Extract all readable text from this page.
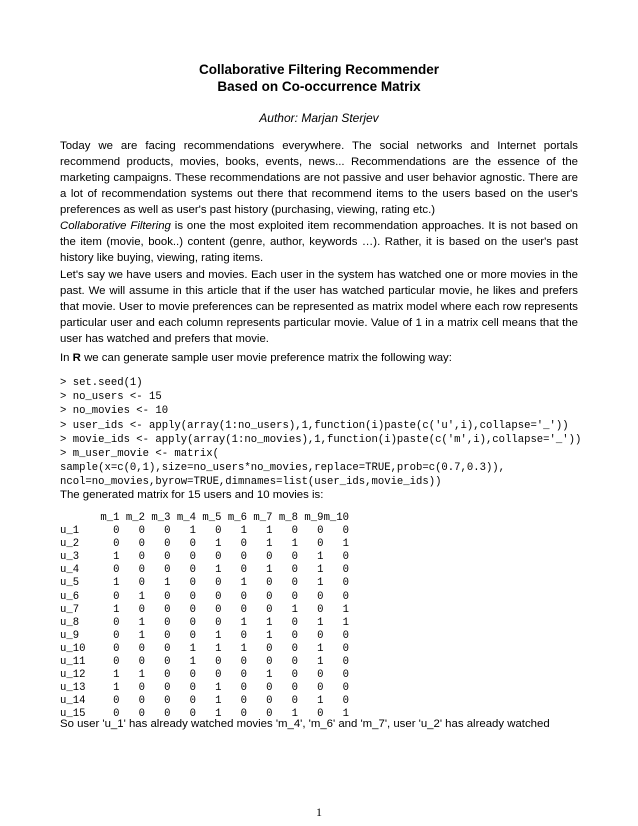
Collaborative Filtering Recommender
Based on Co-occurrence Matrix
Author: Marjan Sterjev

Today we are facing recommendations everywhere. The social networks and Internet portals recommend products, movies, books, events, news... Recommendations are the essence of the marketing campaigns. These recommendations are not passive and user behavior agnostic. There are a lot of recommendation systems out there that recommend items to the users based on the user's preferences as well as user's past history (purchasing, viewing, rating etc.)

Collaborative Filtering is one the most exploited item recommendation approaches. It is not based on the item (movie, book..) content (genre, author, keywords …). Rather, it is based on the user's past history like buying, viewing, rating items.

Let's say we have users and movies. Each user in the system has watched one or more movies in the past. We will assume in this article that if the user has watched particular movie, he likes and prefers that movie. User to movie preferences can be represented as matrix model where each row represents particular user and each column represents particular movie. Value of 1 in a matrix cell means that the user has watched and prefers that movie.

In R we can generate sample user movie preference matrix the following way:

> set.seed(1)
> no_users <- 15
> no_movies <- 10
> user_ids <- apply(array(1:no_users),1,function(i)paste(c('u',i),collapse='_'))
> movie_ids <- apply(array(1:no_movies),1,function(i)paste(c('m',i),collapse='_'))
> m_user_movie <- matrix(
sample(x=c(0,1),size=no_users*no_movies,replace=TRUE,prob=c(0.7,0.3)),
ncol=no_movies,byrow=TRUE,dimnames=list(user_ids,movie_ids))

The generated matrix for 15 users and 10 movies is:

	m_1	m_2	m_3	m_4	m_5	m_6	m_7	m_8	m_9	m_10
u_1	0	0	0	1	0	1	1	0	0	0
u_2	0	0	0	0	1	0	1	1	0	1
u_3	1	0	0	0	0	0	0	0	1	0
u_4	0	0	0	0	1	0	1	0	1	0
u_5	1	0	1	0	0	1	0	0	1	0
u_6	0	1	0	0	0	0	0	0	0	0
u_7	1	0	0	0	0	0	0	1	0	1
u_8	0	1	0	0	0	1	1	0	1	1
u_9	0	1	0	0	1	0	1	0	0	0
u_10	0	0	0	1	1	1	0	0	1	0
u_11	0	0	0	1	0	0	0	0	1	0
u_12	1	1	0	0	0	0	1	0	0	0
u_13	1	0	0	0	1	0	0	0	0	0
u_14	0	0	0	0	1	0	0	0	1	0
u_15	0	0	0	0	1	0	0	1	0	1

So user 'u_1' has already watched movies 'm_4', 'm_6' and 'm_7', user 'u_2' has already watched

1
